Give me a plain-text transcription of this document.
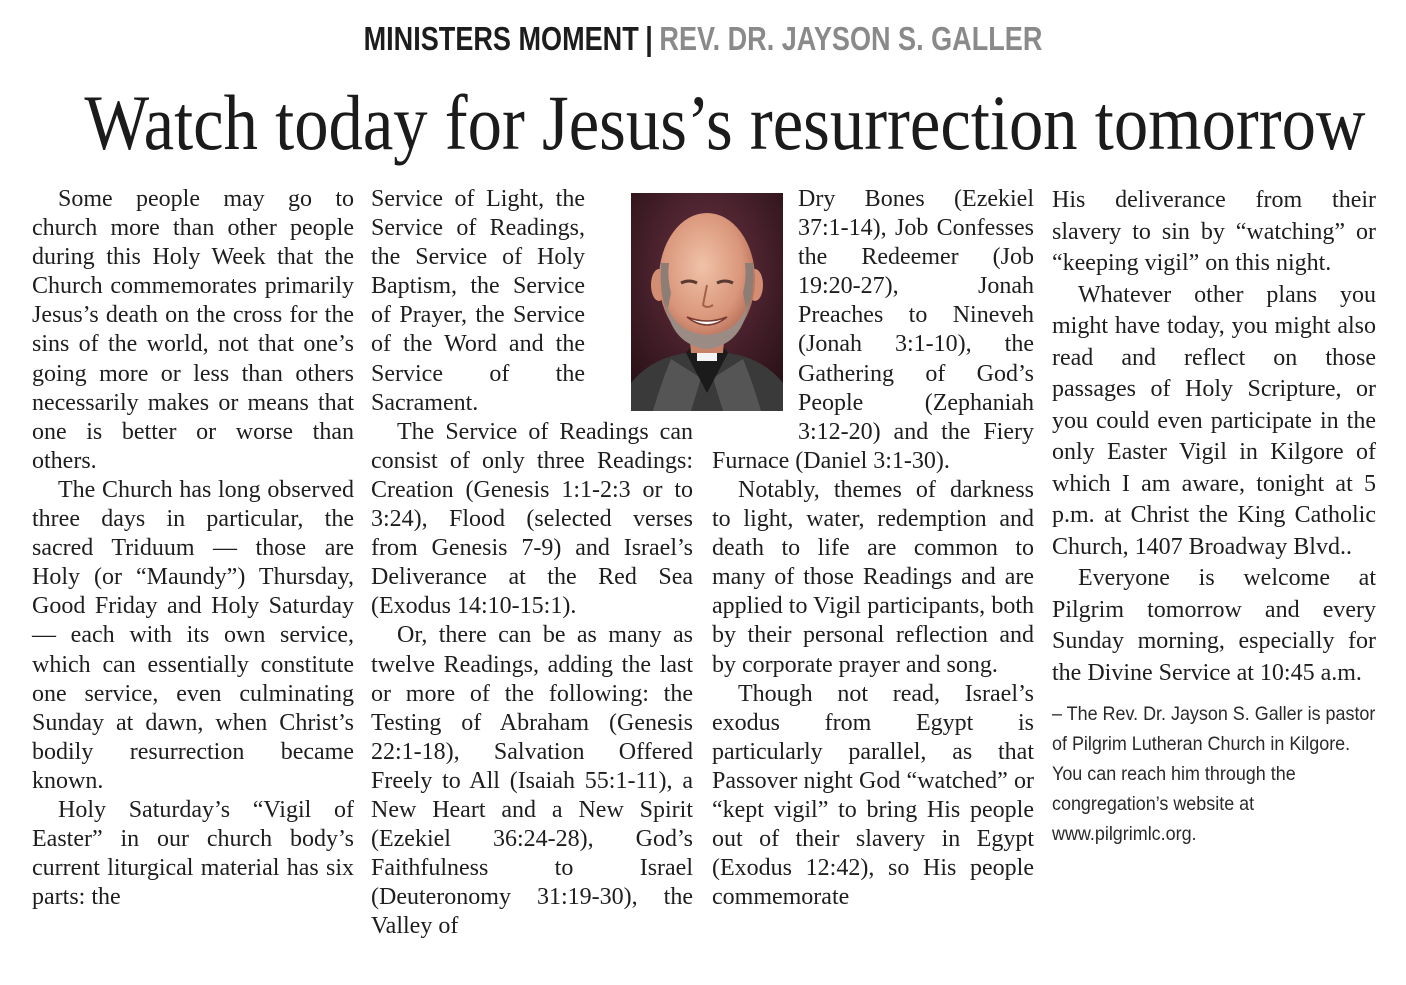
MINISTERS MOMENT | REV. DR. JAYSON S. GALLER
Watch today for Jesus’s resurrection tomorrow

Some people may go to church more than other people during this Holy Week that the Church commemorates primarily Jesus’s death on the cross for the sins of the world, not that one’s going more or less than others necessarily makes or means that one is better or worse than others.

The Church has long observed three days in particular, the sacred Triduum — those are Holy (or “Maundy”) Thursday, Good Friday and Holy Saturday — each with its own service, which can essentially constitute one service, even culminating Sunday at dawn, when Christ’s bodily resurrection became known.

Holy Saturday’s “Vigil of Easter” in our church body’s current liturgical material has six parts: the

Service of Light, the Service of Readings, the Service of Holy Baptism, the Service of Prayer, the Service of the Word and the Service of the Sacrament.

The Service of Readings can consist of only three Readings: Creation (Genesis 1:1-2:3 or to 3:24), Flood (selected verses from Genesis 7-9) and Israel’s Deliverance at the Red Sea (Exodus 14:10-15:1).

Or, there can be as many as twelve Readings, adding the last or more of the following: the Testing of Abraham (Genesis 22:1-18), Salvation Offered Freely to All (Isaiah 55:1-11), a New Heart and a New Spirit (Ezekiel 36:24-28), God’s Faithfulness to Israel (Deuteronomy 31:19-30), the Valley of

Dry Bones (Ezekiel 37:1-14), Job Confesses the Redeemer (Job 19:20-27), Jonah Preaches to Nineveh (Jonah 3:1-10), the Gathering of God’s People (Zephaniah 3:12-20) and the Fiery Furnace (Daniel 3:1-30).

Notably, themes of darkness to light, water, redemption and death to life are common to many of those Readings and are applied to Vigil participants, both by their personal reflection and by corporate prayer and song.

Though not read, Israel’s exodus from Egypt is particularly parallel, as that Passover night God “watched” or “kept vigil” to bring His people out of their slavery in Egypt (Exodus 12:42), so His people commemorate

His deliverance from their slavery to sin by “watching” or “keeping vigil” on this night.

Whatever other plans you might have today, you might also read and reflect on those passages of Holy Scripture, or you could even participate in the only Easter Vigil in Kilgore of which I am aware, tonight at 5 p.m. at Christ the King Catholic Church, 1407 Broadway Blvd..

Everyone is welcome at Pilgrim tomorrow and every Sunday morning, especially for the Divine Service at 10:45 a.m.

– The Rev. Dr. Jayson S. Galler is pastor of Pilgrim Lutheran Church in Kilgore. You can reach him through the congregation’s website at www.pilgrimlc.org.
